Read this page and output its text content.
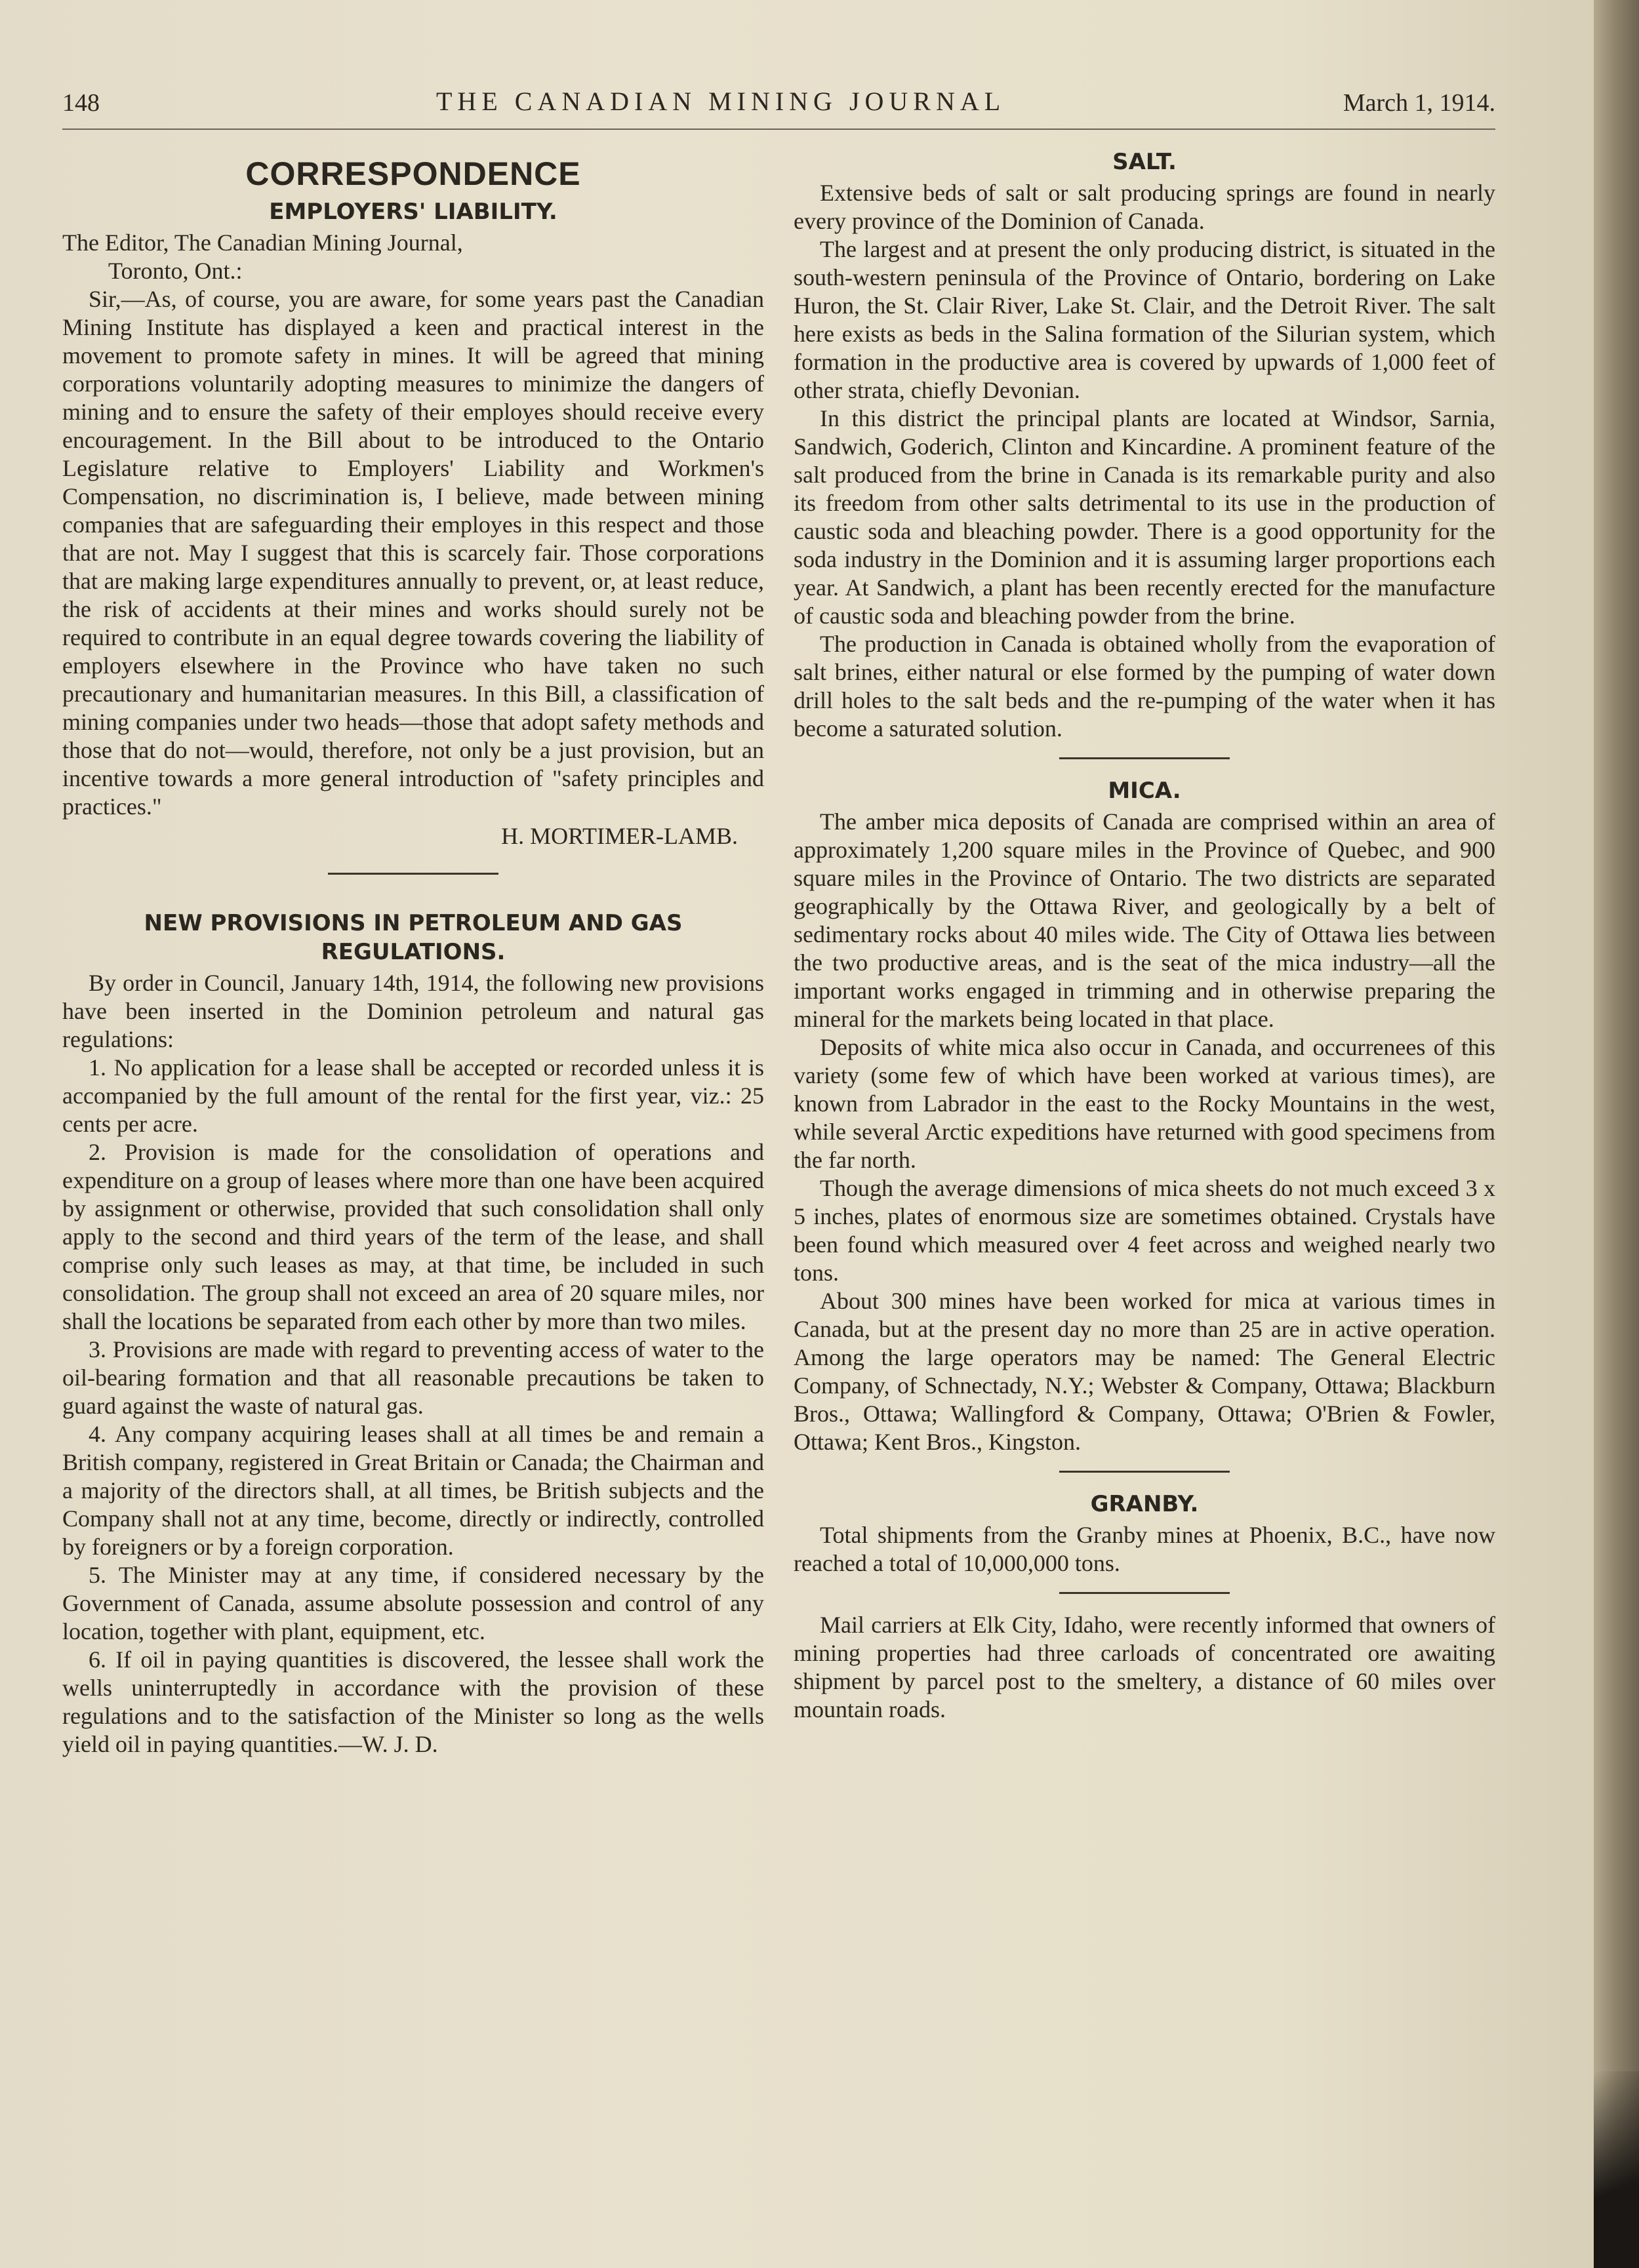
148	THE CANADIAN MINING JOURNAL	March 1, 1914.
CORRESPONDENCE
EMPLOYERS' LIABILITY.

The Editor, The Canadian Mining Journal,

Toronto, Ont.:

Sir,—As, of course, you are aware, for some years past the Canadian Mining Institute has displayed a keen and practical interest in the movement to promote safety in mines. It will be agreed that mining corporations voluntarily adopting measures to minimize the dangers of mining and to ensure the safety of their employes should receive every encouragement. In the Bill about to be introduced to the Ontario Legislature relative to Employers' Liability and Workmen's Compensation, no discrimination is, I believe, made between mining companies that are safeguarding their employes in this respect and those that are not. May I suggest that this is scarcely fair. Those corporations that are making large expenditures annually to prevent, or, at least reduce, the risk of accidents at their mines and works should surely not be required to contribute in an equal degree towards covering the liability of employers elsewhere in the Province who have taken no such precautionary and humanitarian measures. In this Bill, a classification of mining companies under two heads—those that adopt safety methods and those that do not—would, therefore, not only be a just provision, but an incentive towards a more general introduction of "safety principles and practices."

H. MORTIMER-LAMB.
NEW PROVISIONS IN PETROLEUM AND GAS REGULATIONS.

By order in Council, January 14th, 1914, the following new provisions have been inserted in the Dominion petroleum and natural gas regulations:

1. No application for a lease shall be accepted or recorded unless it is accompanied by the full amount of the rental for the first year, viz.: 25 cents per acre.

2. Provision is made for the consolidation of operations and expenditure on a group of leases where more than one have been acquired by assignment or otherwise, provided that such consolidation shall only apply to the second and third years of the term of the lease, and shall comprise only such leases as may, at that time, be included in such consolidation. The group shall not exceed an area of 20 square miles, nor shall the locations be separated from each other by more than two miles.

3. Provisions are made with regard to preventing access of water to the oil-bearing formation and that all reasonable precautions be taken to guard against the waste of natural gas.

4. Any company acquiring leases shall at all times be and remain a British company, registered in Great Britain or Canada; the Chairman and a majority of the directors shall, at all times, be British subjects and the Company shall not at any time, become, directly or indirectly, controlled by foreigners or by a foreign corporation.

5. The Minister may at any time, if considered necessary by the Government of Canada, assume absolute possession and control of any location, together with plant, equipment, etc.

6. If oil in paying quantities is discovered, the lessee shall work the wells uninterruptedly in accordance with the provision of these regulations and to the satisfaction of the Minister so long as the wells yield oil in paying quantities.—W. J. D.

SALT.

Extensive beds of salt or salt producing springs are found in nearly every province of the Dominion of Canada.

The largest and at present the only producing district, is situated in the south-western peninsula of the Province of Ontario, bordering on Lake Huron, the St. Clair River, Lake St. Clair, and the Detroit River. The salt here exists as beds in the Salina formation of the Silurian system, which formation in the productive area is covered by upwards of 1,000 feet of other strata, chiefly Devonian.

In this district the principal plants are located at Windsor, Sarnia, Sandwich, Goderich, Clinton and Kincardine. A prominent feature of the salt produced from the brine in Canada is its remarkable purity and also its freedom from other salts detrimental to its use in the production of caustic soda and bleaching powder. There is a good opportunity for the soda industry in the Dominion and it is assuming larger proportions each year. At Sandwich, a plant has been recently erected for the manufacture of caustic soda and bleaching powder from the brine.

The production in Canada is obtained wholly from the evaporation of salt brines, either natural or else formed by the pumping of water down drill holes to the salt beds and the re-pumping of the water when it has become a saturated solution.

MICA.

The amber mica deposits of Canada are comprised within an area of approximately 1,200 square miles in the Province of Quebec, and 900 square miles in the Province of Ontario. The two districts are separated geographically by the Ottawa River, and geologically by a belt of sedimentary rocks about 40 miles wide. The City of Ottawa lies between the two productive areas, and is the seat of the mica industry—all the important works engaged in trimming and in otherwise preparing the mineral for the markets being located in that place.

Deposits of white mica also occur in Canada, and occurrenees of this variety (some few of which have been worked at various times), are known from Labrador in the east to the Rocky Mountains in the west, while several Arctic expeditions have returned with good specimens from the far north.

Though the average dimensions of mica sheets do not much exceed 3 x 5 inches, plates of enormous size are sometimes obtained. Crystals have been found which measured over 4 feet across and weighed nearly two tons.

About 300 mines have been worked for mica at various times in Canada, but at the present day no more than 25 are in active operation. Among the large operators may be named: The General Electric Company, of Schnectady, N.Y.; Webster & Company, Ottawa; Blackburn Bros., Ottawa; Wallingford & Company, Ottawa; O'Brien & Fowler, Ottawa; Kent Bros., Kingston.

GRANBY.

Total shipments from the Granby mines at Phoenix, B.C., have now reached a total of 10,000,000 tons.

Mail carriers at Elk City, Idaho, were recently informed that owners of mining properties had three carloads of concentrated ore awaiting shipment by parcel post to the smeltery, a distance of 60 miles over mountain roads.
